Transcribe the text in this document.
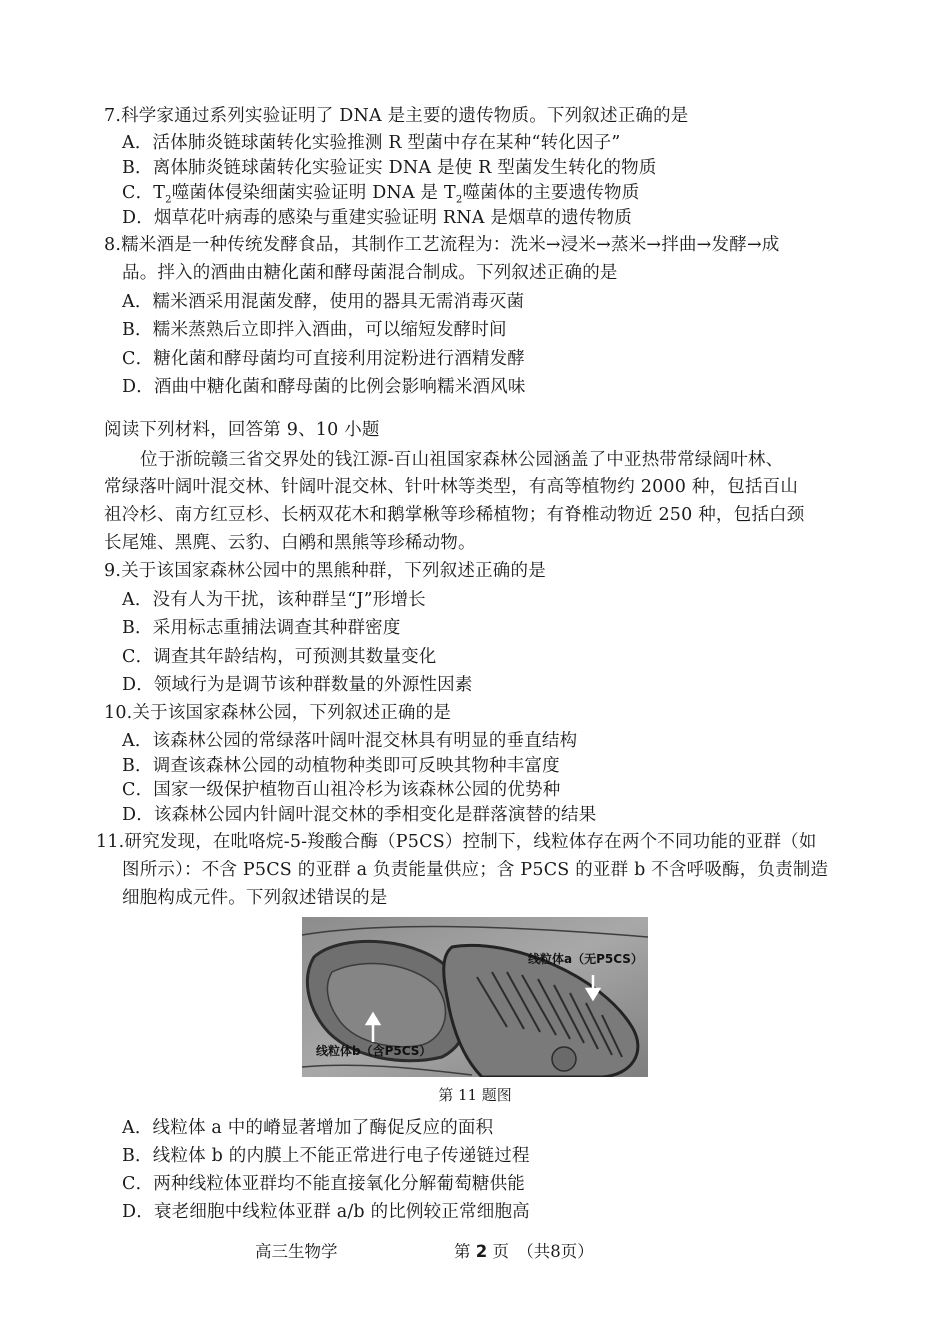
7.科学家通过系列实验证明了 DNA 是主要的遗传物质。下列叙述正确的是
A．活体肺炎链球菌转化实验推测 R 型菌中存在某种“转化因子”
B．离体肺炎链球菌转化实验证实 DNA 是使 R 型菌发生转化的物质
C．$T_2$噬菌体侵染细菌实验证明 DNA 是 $T_2$噬菌体的主要遗传物质
D．烟草花叶病毒的感染与重建实验证明 RNA 是烟草的遗传物质
8.糯米酒是一种传统发酵食品，其制作工艺流程为：洗米→浸米→蒸米→拌曲→发酵→成
品。拌入的酒曲由糖化菌和酵母菌混合制成。下列叙述正确的是
A．糯米酒采用混菌发酵，使用的器具无需消毒灭菌
B．糯米蒸熟后立即拌入酒曲，可以缩短发酵时间
C．糖化菌和酵母菌均可直接利用淀粉进行酒精发酵
D．酒曲中糖化菌和酵母菌的比例会影响糯米酒风味
阅读下列材料，回答第 9、10 小题
位于浙皖赣三省交界处的钱江源-百山祖国家森林公园涵盖了中亚热带常绿阔叶林、
常绿落叶阔叶混交林、针阔叶混交林、针叶林等类型，有高等植物约 2000 种，包括百山
祖冷杉、南方红豆杉、长柄双花木和鹅掌楸等珍稀植物；有脊椎动物近 250 种，包括白颈
长尾雉、黑麂、云豹、白鹇和黑熊等珍稀动物。
9.关于该国家森林公园中的黑熊种群，下列叙述正确的是
A．没有人为干扰，该种群呈“J”形增长
B．采用标志重捕法调查其种群密度
C．调查其年龄结构，可预测其数量变化
D．领域行为是调节该种群数量的外源性因素
10.关于该国家森林公园，下列叙述正确的是
A．该森林公园的常绿落叶阔叶混交林具有明显的垂直结构
B．调查该森林公园的动植物种类即可反映其物种丰富度
C．国家一级保护植物百山祖冷杉为该森林公园的优势种
D．该森林公园内针阔叶混交林的季相变化是群落演替的结果
11.研究发现，在吡咯烷-5-羧酸合酶（P5CS）控制下，线粒体存在两个不同功能的亚群（如
图所示）：不含 P5CS 的亚群 a 负责能量供应；含 P5CS 的亚群 b 不含呼吸酶，负责制造
细胞构成元件。下列叙述错误的是
线粒体a（无P5CS）
线粒体b（含P5CS）
第 11 题图
A．线粒体 a 中的嵴显著增加了酶促反应的面积
B．线粒体 b 的内膜上不能正常进行电子传递链过程
C．两种线粒体亚群均不能直接氧化分解葡萄糖供能
D．衰老细胞中线粒体亚群 a/b 的比例较正常细胞高
高三生物学	第 2 页　（共8页）
